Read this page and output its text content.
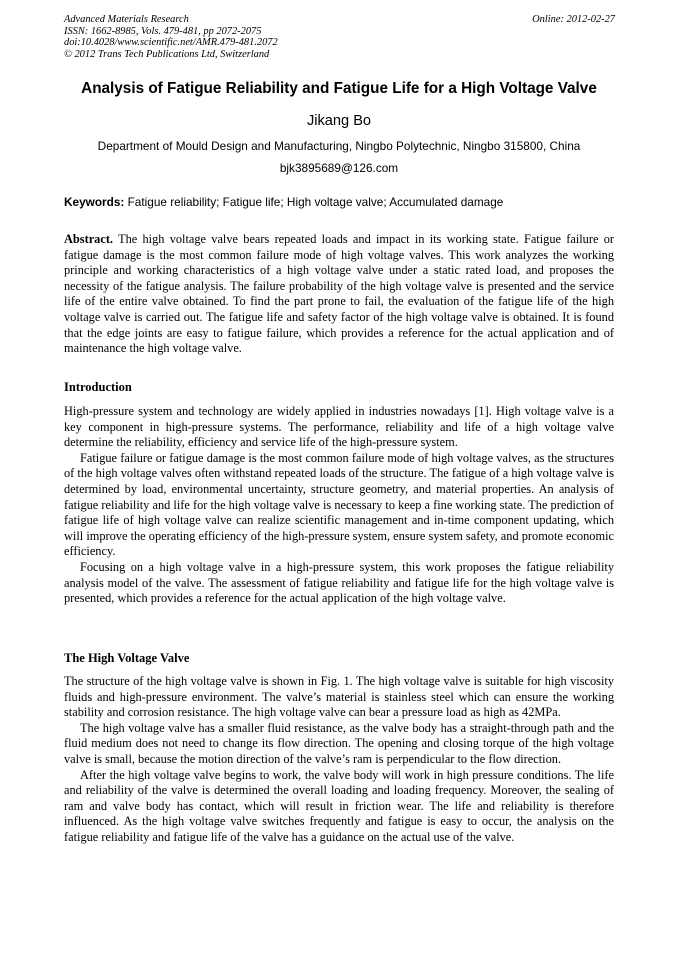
Advanced Materials Research
ISSN: 1662-8985, Vols. 479-481, pp 2072-2075
doi:10.4028/www.scientific.net/AMR.479-481.2072
© 2012 Trans Tech Publications Ltd, Switzerland
Online: 2012-02-27
Analysis of Fatigue Reliability and Fatigue Life for a High Voltage Valve
Jikang Bo
Department of Mould Design and Manufacturing, Ningbo Polytechnic, Ningbo 315800, China
bjk3895689@126.com
Keywords: Fatigue reliability; Fatigue life; High voltage valve; Accumulated damage
Abstract. The high voltage valve bears repeated loads and impact in its working state. Fatigue failure or fatigue damage is the most common failure mode of high voltage valves. This work analyzes the working principle and working characteristics of a high voltage valve under a static rated load, and proposes the necessity of the fatigue analysis. The failure probability of the high voltage valve is presented and the service life of the entire valve obtained. To find the part prone to fail, the evaluation of the fatigue life of the high voltage valve is carried out. The fatigue life and safety factor of the high voltage valve is obtained. It is found that the edge joints are easy to fatigue failure, which provides a reference for the actual application and of maintenance the high voltage valve.
Introduction

High-pressure system and technology are widely applied in industries nowadays [1]. High voltage valve is a key component in high-pressure systems. The performance, reliability and life of a high voltage valve determine the reliability, efficiency and service life of the high-pressure system.

Fatigue failure or fatigue damage is the most common failure mode of high voltage valves, as the structures of the high voltage valves often withstand repeated loads of the structure. The fatigue of a high voltage valve is determined by load, environmental uncertainty, structure geometry, and material properties. An analysis of fatigue reliability and life for the high voltage valve is necessary to keep a fine working state. The prediction of fatigue life of high voltage valve can realize scientific management and in-time component updating, which will improve the operating efficiency of the high-pressure system, ensure system safety, and promote economic efficiency.

Focusing on a high voltage valve in a high-pressure system, this work proposes the fatigue reliability analysis model of the valve. The assessment of fatigue reliability and fatigue life for the high voltage valve is presented, which provides a reference for the actual application of the high voltage valve.

The High Voltage Valve

The structure of the high voltage valve is shown in Fig. 1. The high voltage valve is suitable for high viscosity fluids and high-pressure environment. The valve’s material is stainless steel which can ensure the working stability and corrosion resistance. The high voltage valve can bear a pressure load as high as 42MPa.

The high voltage valve has a smaller fluid resistance, as the valve body has a straight-through path and the fluid medium does not need to change its flow direction. The opening and closing torque of the high voltage valve is small, because the motion direction of the valve’s ram is perpendicular to the flow direction.

After the high voltage valve begins to work, the valve body will work in high pressure conditions. The life and reliability of the valve is determined the overall loading and loading frequency. Moreover, the sealing of ram and valve body has contact, which will result in friction wear. The life and reliability is therefore influenced. As the high voltage valve switches frequently and fatigue is easy to occur, the analysis on the fatigue reliability and fatigue life of the valve has a guidance on the actual use of the valve.
